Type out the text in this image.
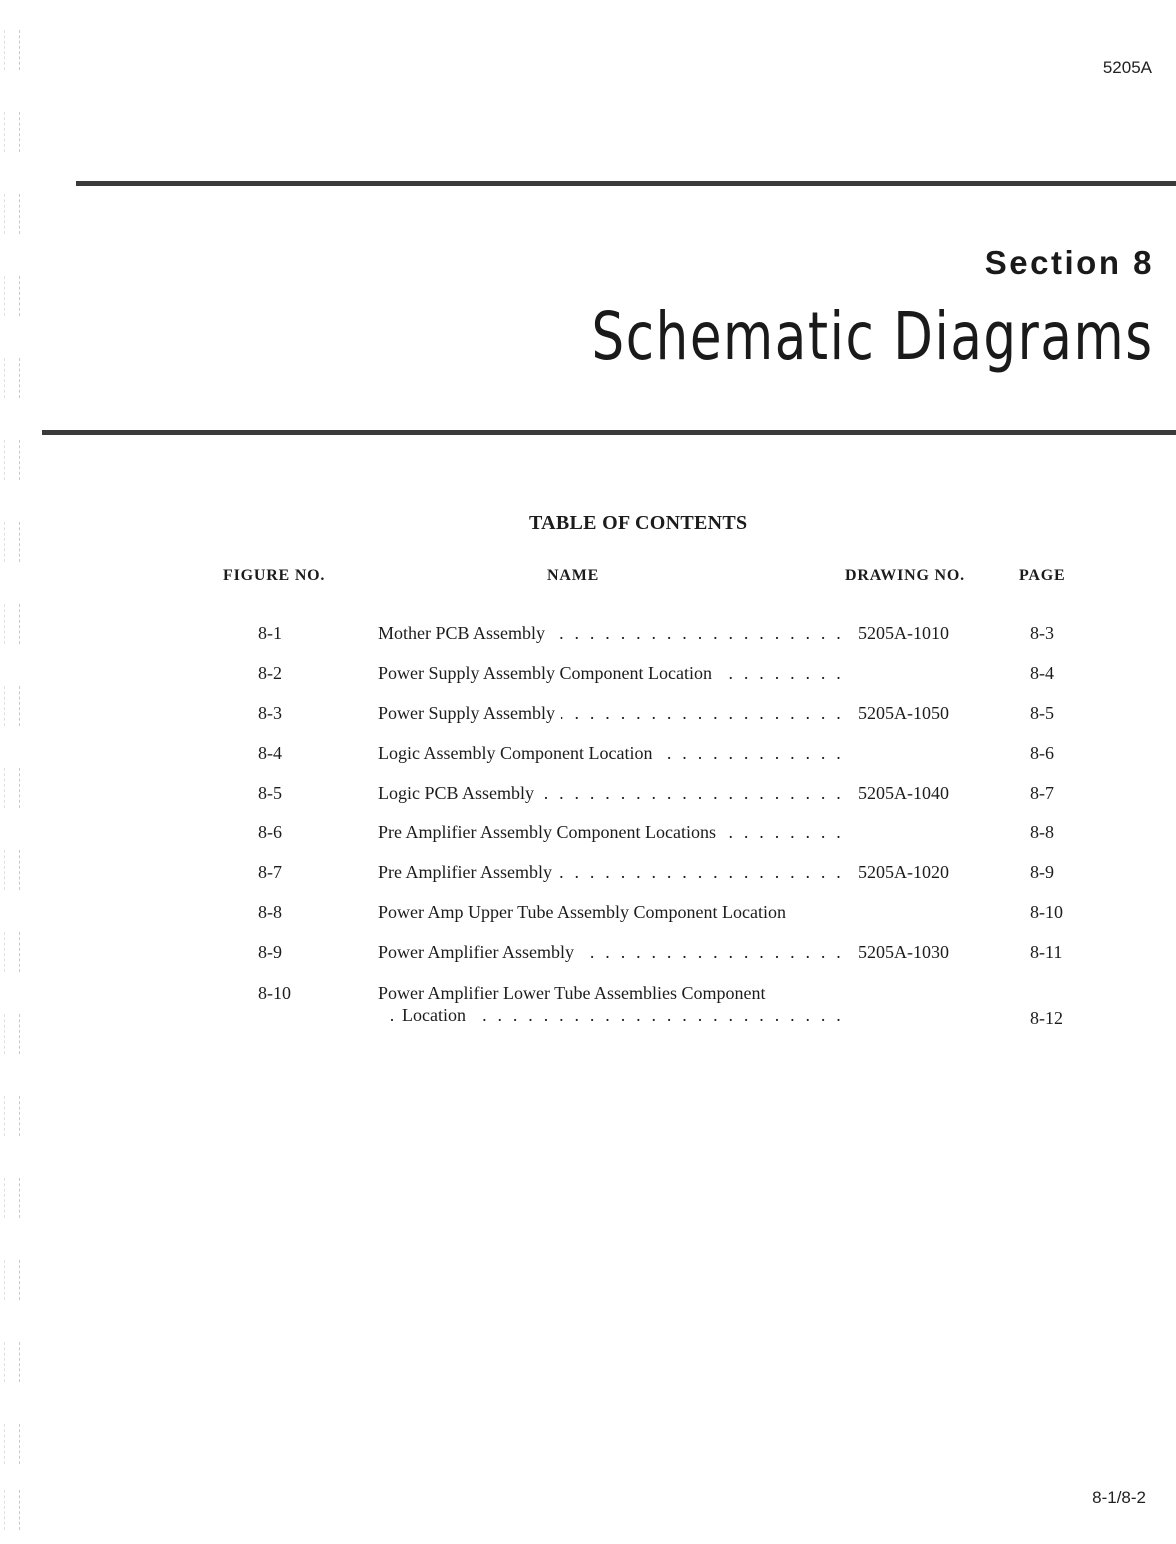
5205A
Section 8
Schematic Diagrams
TABLE OF CONTENTS
FIGURE NO.	NAME	DRAWING NO.	PAGE
8-1	Mother PCB Assembly . . .	5205A-1010	8-3
8-2	Power Supply Assembly Component Location . . .	8-4
8-3	Power Supply Assembly . . .	5205A-1050	8-5
8-4	Logic Assembly Component Location . . .	8-6
8-5	Logic PCB Assembly . . .	5205A-1040	8-7
8-6	Pre Amplifier Assembly Component Locations . . .	8-8
8-7	Pre Amplifier Assembly . . .	5205A-1020	8-9
8-8	Power Amp Upper Tube Assembly Component Location	8-10
8-9	Power Amplifier Assembly . . .	5205A-1030	8-11
8-10	Power Amplifier Lower Tube Assemblies Component
Location . . .	8-12
8-1/8-2
